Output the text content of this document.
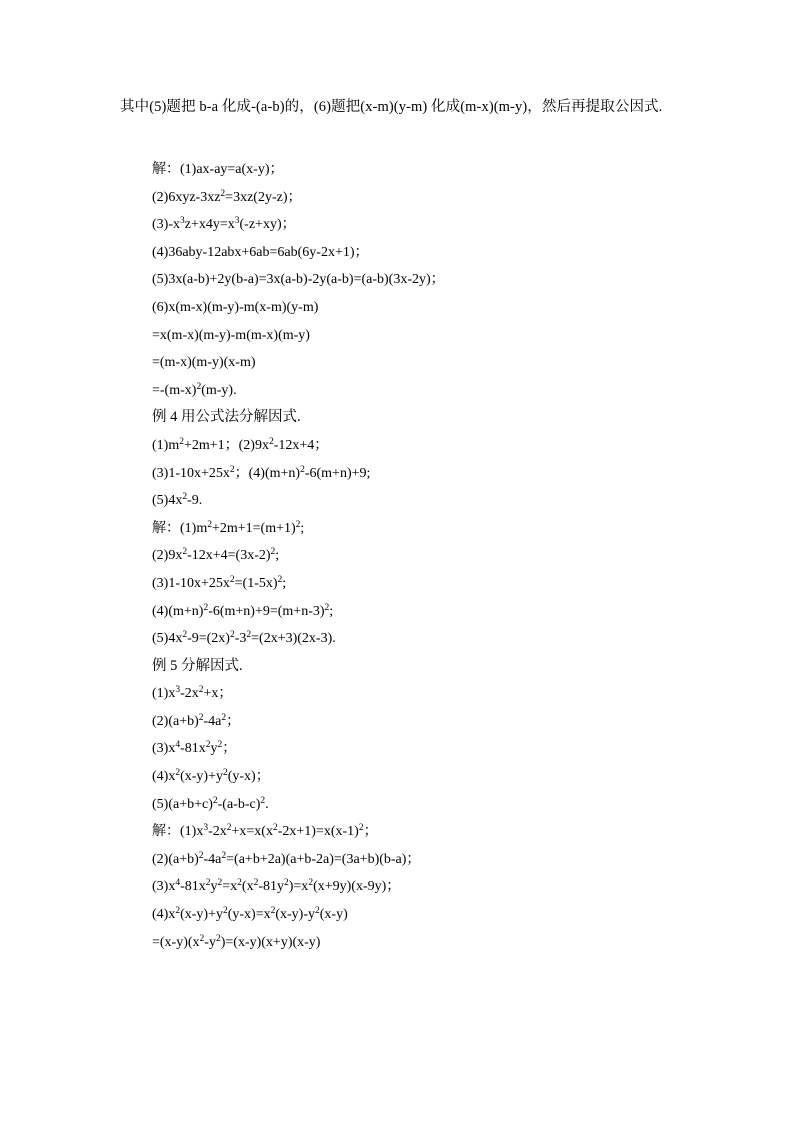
其中(5)题把 b-a 化成-(a-b)的，(6)题把(x-m)(y-m) 化成(m-x)(m-y)，然后再提取公因式.
解：(1)ax-ay=a(x-y)；
$(2)6xyz-3xz^2=3xz(2y-z)$；
$(3)-x^3z+x4y=x^3(-z+xy)$；
(4)36aby-12abx+6ab=6ab(6y-2x+1)；
(5)3x(a-b)+2y(b-a)=3x(a-b)-2y(a-b)=(a-b)(3x-2y)；
(6)x(m-x)(m-y)-m(x-m)(y-m)
=x(m-x)(m-y)-m(m-x)(m-y)
=(m-x)(m-y)(x-m)
$=-(m-x)^2(m-y)$.
例 4 用公式法分解因式.
$(1)m^2+2m+1$；$(2)9x^2-12x+4$；
$(3)1-10x+25x^2$；$(4)(m+n)^2-6(m+n)+9$;
$(5)4x^2-9$.
解：$(1)m^2+2m+1=(m+1)^2$;
$(2)9x^2-12x+4=(3x-2)^2$;
$(3)1-10x+25x^2=(1-5x)^2$;
$(4)(m+n)^2-6(m+n)+9=(m+n-3)^2$;
$(5)4x^2-9=(2x)^2-3^2=(2x+3)(2x-3)$.
例 5 分解因式.
$(1)x^3-2x^2+x$；
$(2)(a+b)^2-4a^2$；
$(3)x^4-81x^2y^2$；
$(4)x^2(x-y)+y^2(y-x)$；
$(5)(a+b+c)^2-(a-b-c)^2$.
解：$(1)x^3-2x^2+x=x(x^2-2x+1)=x(x-1)^2$；
$(2)(a+b)^2-4a^2=(a+b+2a)(a+b-2a)=(3a+b)(b-a)$；
$(3)x^4-81x^2y^2=x^2(x^2-81y^2)=x^2(x+9y)(x-9y)$；
$(4)x^2(x-y)+y^2(y-x)=x^2(x-y)-y^2(x-y)$
$=(x-y)(x^2-y^2)=(x-y)(x+y)(x-y)$
